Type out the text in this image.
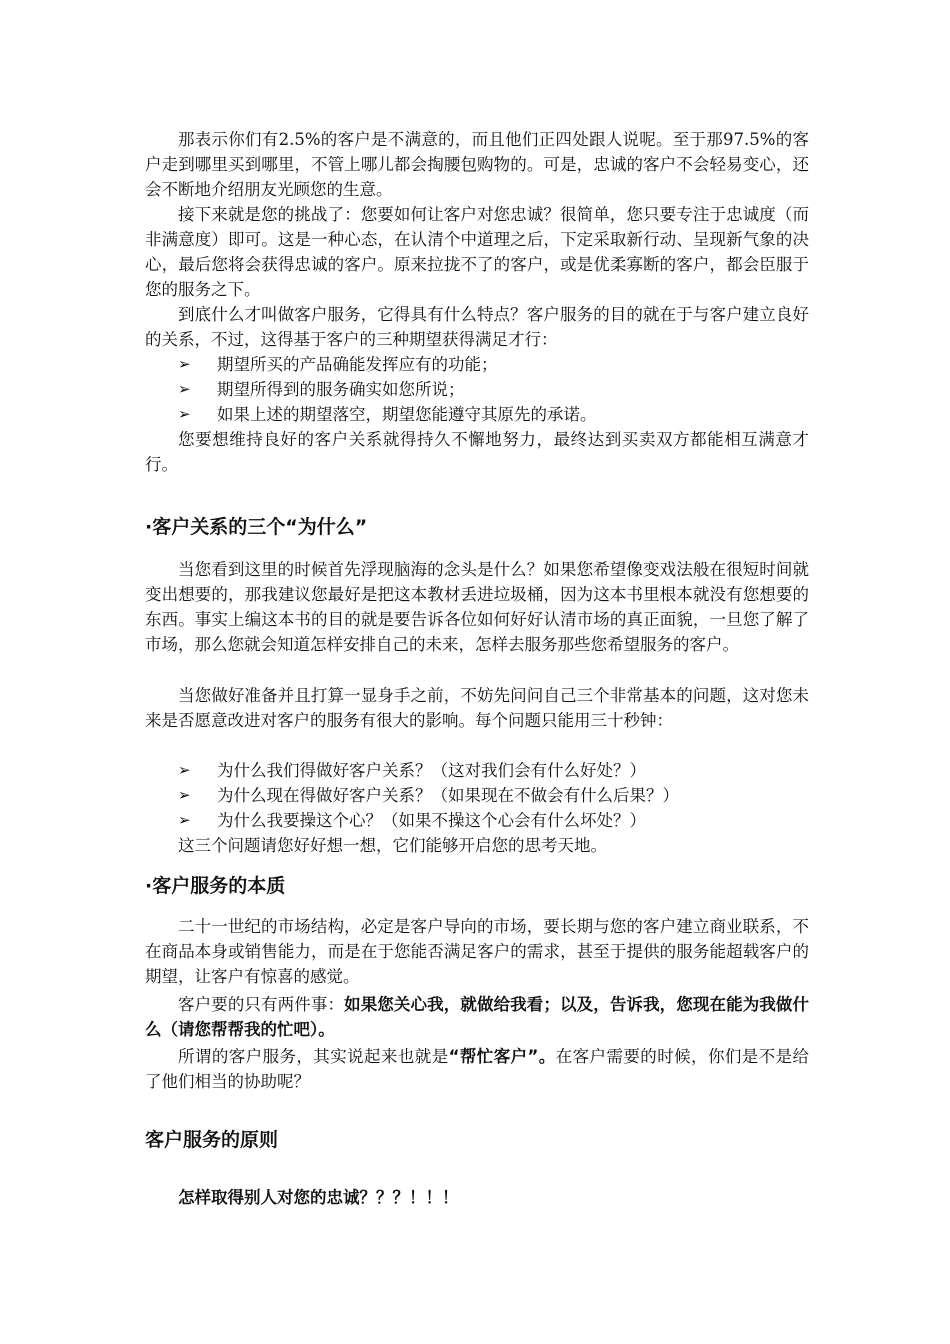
那表示你们有2.5%的客户是不满意的，而且他们正四处跟人说呢。至于那97.5%的客户走到哪里买到哪里，不管上哪儿都会掏腰包购物的。可是，忠诚的客户不会轻易变心，还会不断地介绍朋友光顾您的生意。

接下来就是您的挑战了：您要如何让客户对您忠诚？很简单，您只要专注于忠诚度（而非满意度）即可。这是一种心态，在认清个中道理之后，下定采取新行动、呈现新气象的决心，最后您将会获得忠诚的客户。原来拉拢不了的客户，或是优柔寡断的客户，都会臣服于您的服务之下。

到底什么才叫做客户服务，它得具有什么特点？客户服务的目的就在于与客户建立良好的关系，不过，这得基于客户的三种期望获得满足才行：

➢ 期望所买的产品确能发挥应有的功能；
➢ 期望所得到的服务确实如您所说；
➢ 如果上述的期望落空，期望您能遵守其原先的承诺。

您要想维持良好的客户关系就得持久不懈地努力，最终达到买卖双方都能相互满意才行。

·客户关系的三个“为什么”

当您看到这里的时候首先浮现脑海的念头是什么？如果您希望像变戏法般在很短时间就变出想要的，那我建议您最好是把这本教材丢进垃圾桶，因为这本书里根本就没有您想要的东西。事实上编这本书的目的就是要告诉各位如何好好认清市场的真正面貌，一旦您了解了市场，那么您就会知道怎样安排自己的未来，怎样去服务那些您希望服务的客户。

当您做好准备并且打算一显身手之前，不妨先问问自己三个非常基本的问题，这对您未来是否愿意改进对客户的服务有很大的影响。每个问题只能用三十秒钟：

➢ 为什么我们得做好客户关系？（这对我们会有什么好处？）
➢ 为什么现在得做好客户关系？（如果现在不做会有什么后果？）
➢ 为什么我要操这个心？（如果不操这个心会有什么坏处？）

这三个问题请您好好想一想，它们能够开启您的思考天地。

·客户服务的本质

二十一世纪的市场结构，必定是客户导向的市场，要长期与您的客户建立商业联系，不在商品本身或销售能力，而是在于您能否满足客户的需求，甚至于提供的服务能超载客户的期望，让客户有惊喜的感觉。

客户要的只有两件事：如果您关心我，就做给我看；以及，告诉我，您现在能为我做什么（请您帮帮我的忙吧）。

所谓的客户服务，其实说起来也就是“帮忙客户”。在客户需要的时候，你们是不是给了他们相当的协助呢？

客户服务的原则
怎样取得别人对您的忠诚？？？！！！
